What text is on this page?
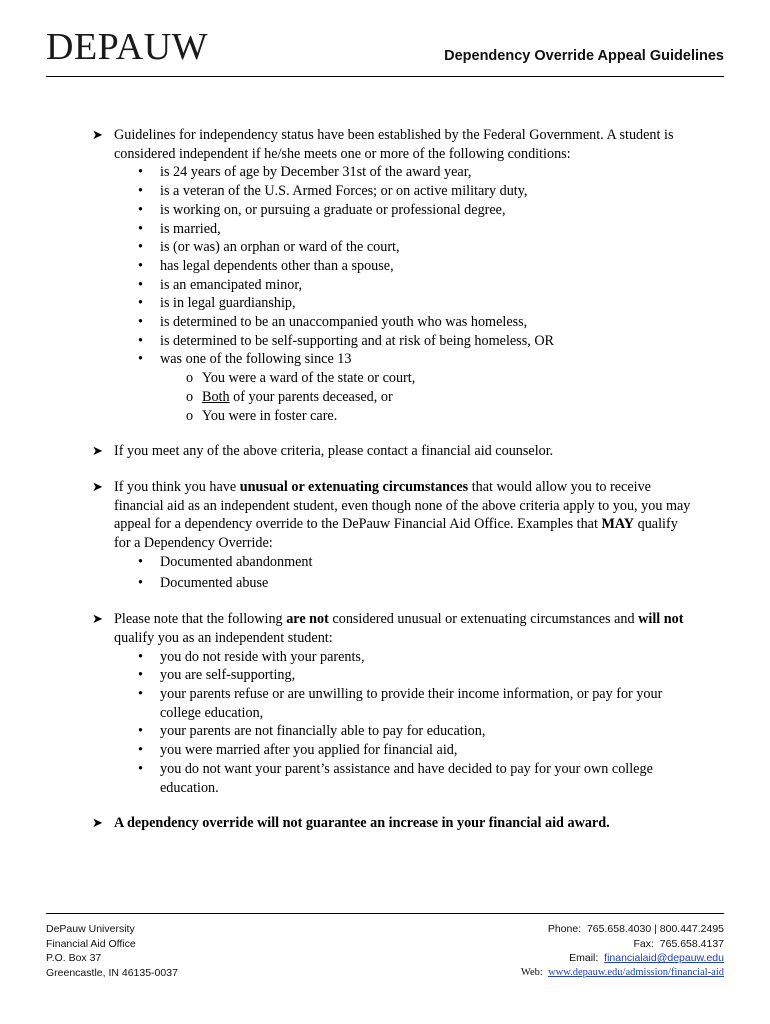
DEPAUW	Dependency Override Appeal Guidelines
➤ Guidelines for independency status have been established by the Federal Government. A student is considered independent if he/she meets one or more of the following conditions:
• is 24 years of age by December 31st of the award year,
• is a veteran of the U.S. Armed Forces; or on active military duty,
• is working on, or pursuing a graduate or professional degree,
• is married,
• is (or was) an orphan or ward of the court,
• has legal dependents other than a spouse,
• is an emancipated minor,
• is in legal guardianship,
• is determined to be an unaccompanied youth who was homeless,
• is determined to be self-supporting and at risk of being homeless, OR
• was one of the following since 13
o You were a ward of the state or court,
o Both of your parents deceased, or
o You were in foster care.
➤ If you meet any of the above criteria, please contact a financial aid counselor.
➤ If you think you have unusual or extenuating circumstances that would allow you to receive financial aid as an independent student, even though none of the above criteria apply to you, you may appeal for a dependency override to the DePauw Financial Aid Office. Examples that MAY qualify for a Dependency Override:
• Documented abandonment
• Documented abuse
➤ Please note that the following are not considered unusual or extenuating circumstances and will not qualify you as an independent student:
• you do not reside with your parents,
• you are self-supporting,
• your parents refuse or are unwilling to provide their income information, or pay for your college education,
• your parents are not financially able to pay for education,
• you were married after you applied for financial aid,
• you do not want your parent’s assistance and have decided to pay for your own college education.
➤ A dependency override will not guarantee an increase in your financial aid award.
DePauw University
Financial Aid Office
P.O. Box 37
Greencastle, IN 46135-0037
Phone: 765.658.4030 | 800.447.2495
Fax: 765.658.4137
Email: financialaid@depauw.edu
Web: www.depauw.edu/admission/financial-aid
